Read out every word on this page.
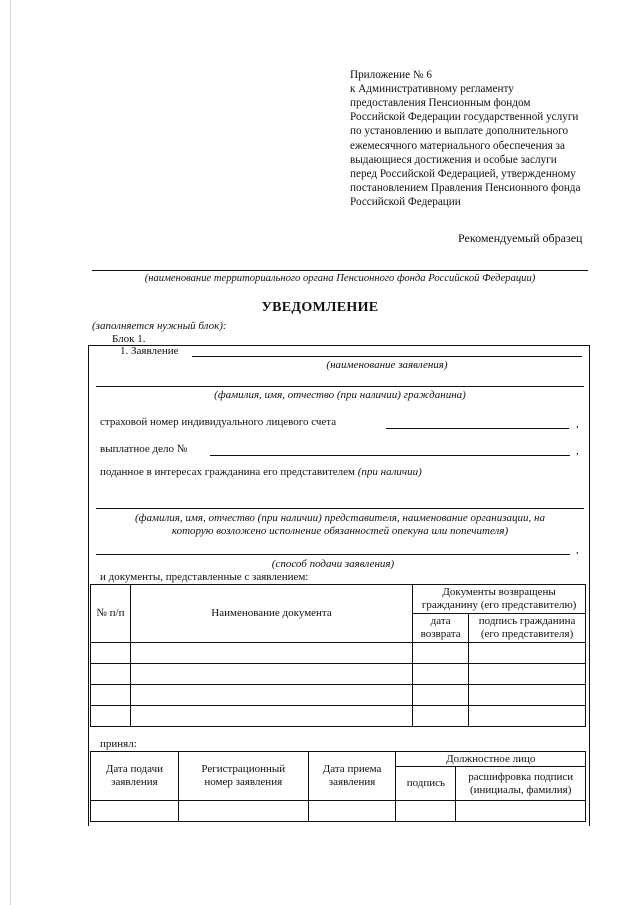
Приложение № 6
к Административному регламенту
предоставления Пенсионным фондом
Российской Федерации государственной услуги
по установлению и выплате дополнительного
ежемесячного материального обеспечения за
выдающиеся достижения и особые заслуги
перед Российской Федерацией, утвержденному
постановлением Правления Пенсионного фонда
Российской Федерации
Рекомендуемый образец
(наименование территориального органа Пенсионного фонда Российской Федерации)
УВЕДОМЛЕНИЕ
(заполняется нужный блок):
Блок 1.
1. Заявление
(наименование заявления)
(фамилия, имя, отчество (при наличии) гражданина)
страховой номер индивидуального лицевого счета	,
выплатное дело №	,
поданное в интересах гражданина его представителем (при наличии)
(фамилия, имя, отчество (при наличии) представителя, наименование организации, на
которую возложено исполнение обязанностей опекуна или попечителя)
,
(способ подачи заявления)
и документы, представленные с заявлением:
№ п/п	Наименование документа	Документы возвращены гражданину (его представителю)	
		дата возврата	подпись гражданина (его представителя)

принял:
Дата подачи заявления	Регистрационный номер заявления	Дата приема заявления	Должностное лицо	
			подпись	расшифровка подписи (инициалы, фамилия)
